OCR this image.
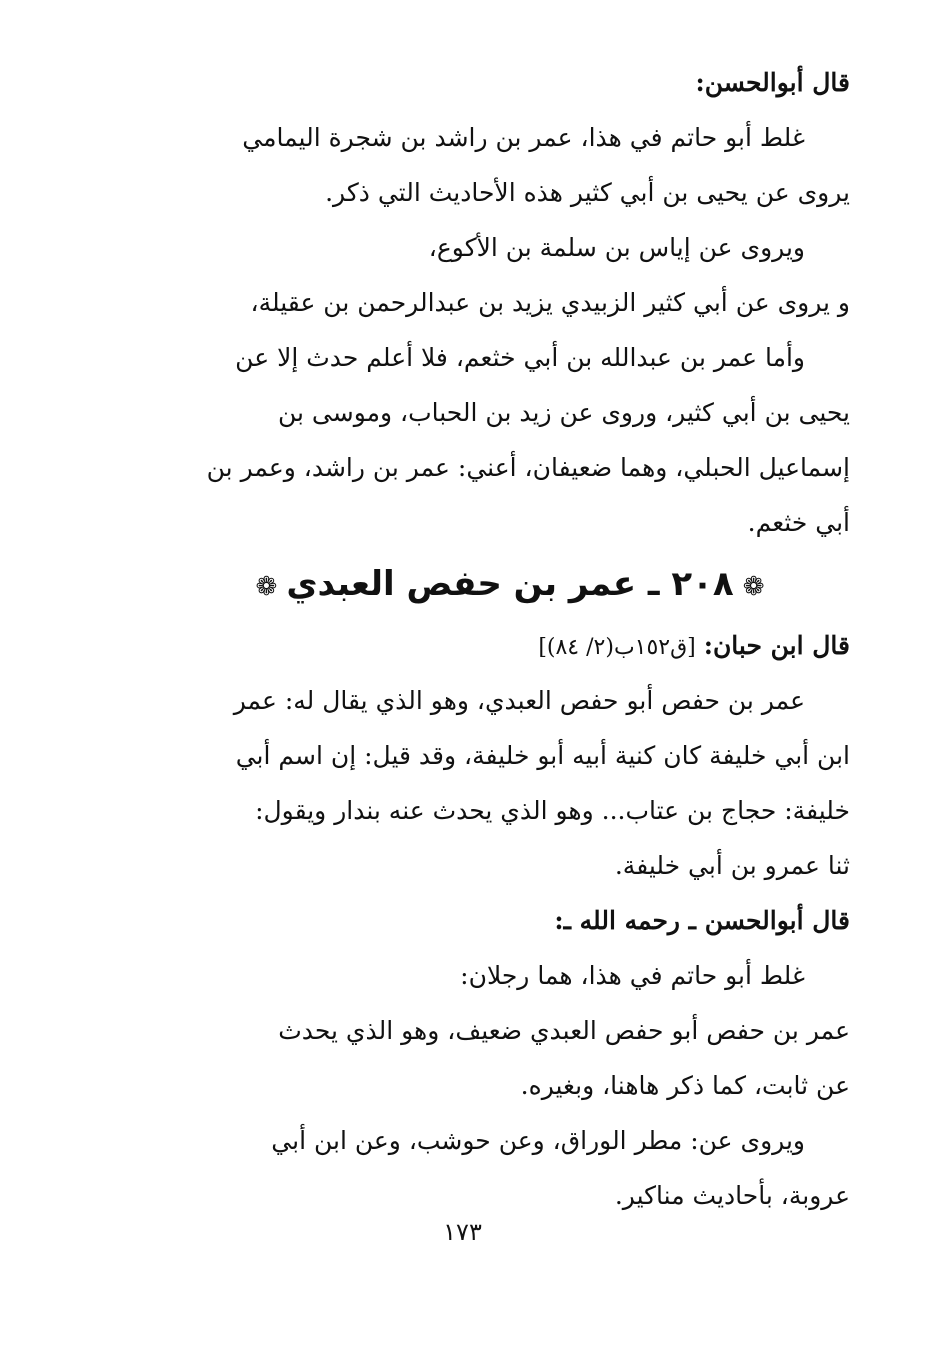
قال أبوالحسن:
غلط أبو حاتم في هذا، عمر بن راشد بن شجرة اليمامي
يروى عن يحيى بن أبي كثير هذه الأحاديث التي ذكر.
ويروى عن إياس بن سلمة بن الأكوع،
و يروى عن أبي كثير الزبيدي يزيد بن عبدالرحمن بن عقيلة،
وأما عمر بن عبدالله بن أبي خثعم، فلا أعلم حدث إلا عن
يحيى بن أبي كثير، وروى عن زيد بن الحباب، وموسى بن
إسماعيل الحبلي، وهما ضعيفان، أعني: عمر بن راشد، وعمر بن
أبي خثعم.
❁ ٢٠٨ ـ عمر بن حفص العبدي ❁
قال ابن حبان: [ق١٥٢ب(٢/ ٨٤)]
عمر بن حفص أبو حفص العبدي، وهو الذي يقال له: عمر
ابن أبي خليفة كان كنية أبيه أبو خليفة، وقد قيل: إن اسم أبي
خليفة: حجاج بن عتاب... وهو الذي يحدث عنه بندار ويقول:
ثنا عمرو بن أبي خليفة.
قال أبوالحسن ـ رحمه الله ـ:
غلط أبو حاتم في هذا، هما رجلان:
عمر بن حفص أبو حفص العبدي ضعيف، وهو الذي يحدث
عن ثابت، كما ذكر هاهنا، وبغيره.
ويروى عن: مطر الوراق، وعن حوشب، وعن ابن أبي
عروبة، بأحاديث مناكير.
١٧٣
